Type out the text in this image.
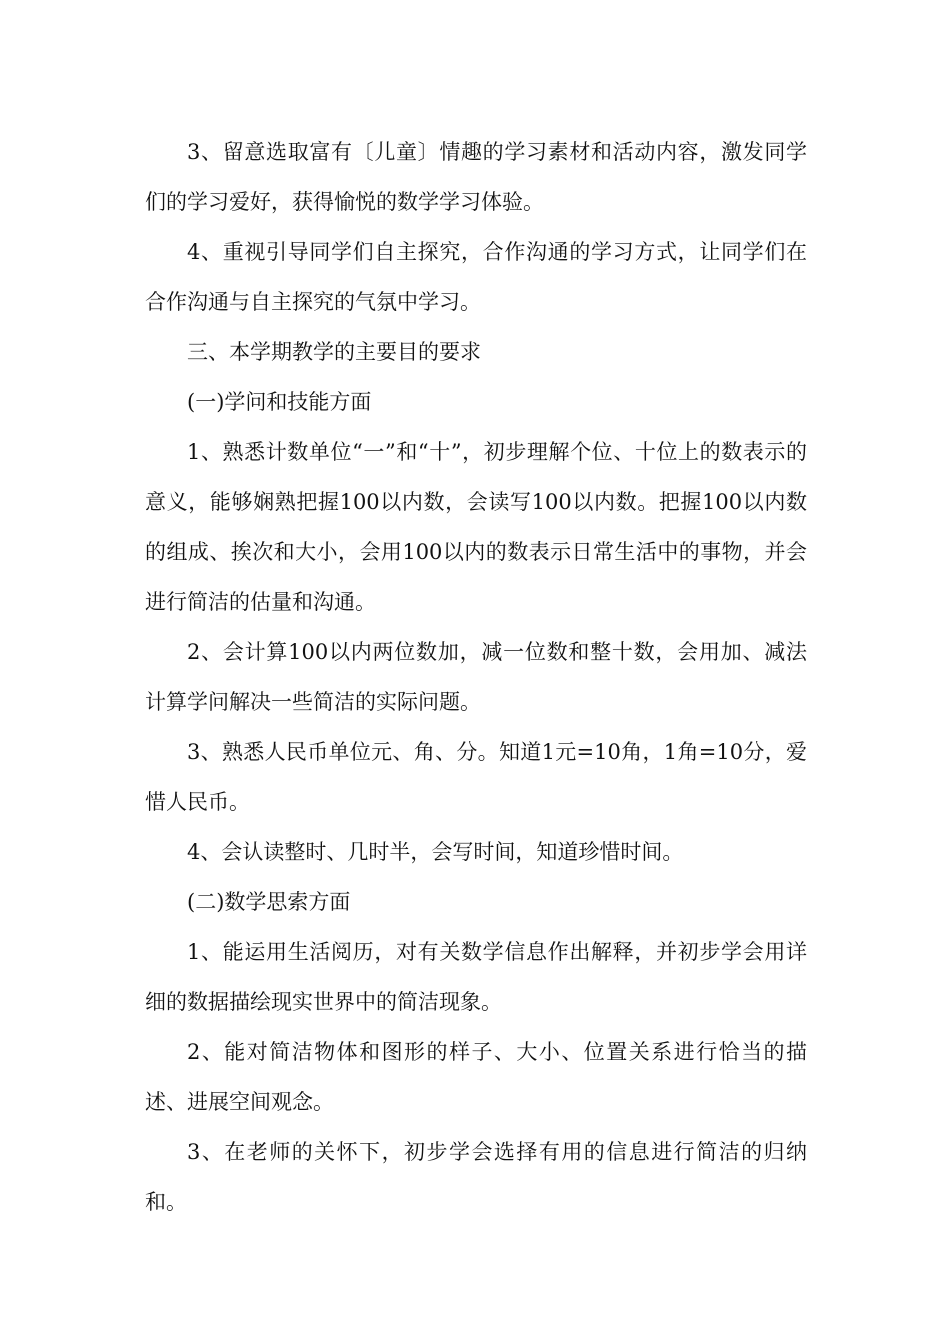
3、留意选取富有〔儿童〕情趣的学习素材和活动内容，激发同学们的学习爱好，获得愉悦的数学学习体验。

4、重视引导同学们自主探究，合作沟通的学习方式，让同学们在合作沟通与自主探究的气氛中学习。

三、本学期教学的主要目的要求

(一)学问和技能方面

1、熟悉计数单位“一”和“十”，初步理解个位、十位上的数表示的意义，能够娴熟把握100以内数，会读写100以内数。把握100以内数的组成、挨次和大小，会用100以内的数表示日常生活中的事物，并会进行简洁的估量和沟通。

2、会计算100以内两位数加，减一位数和整十数，会用加、减法计算学问解决一些简洁的实际问题。

3、熟悉人民币单位元、角、分。知道1元=10角，1角=10分，爱惜人民币。

4、会认读整时、几时半，会写时间，知道珍惜时间。

(二)数学思索方面

1、能运用生活阅历，对有关数学信息作出解释，并初步学会用详细的数据描绘现实世界中的简洁现象。

2、能对简洁物体和图形的样子、大小、位置关系进行恰当的描述、进展空间观念。

3、在老师的关怀下，初步学会选择有用的信息进行简洁的归纳和。
